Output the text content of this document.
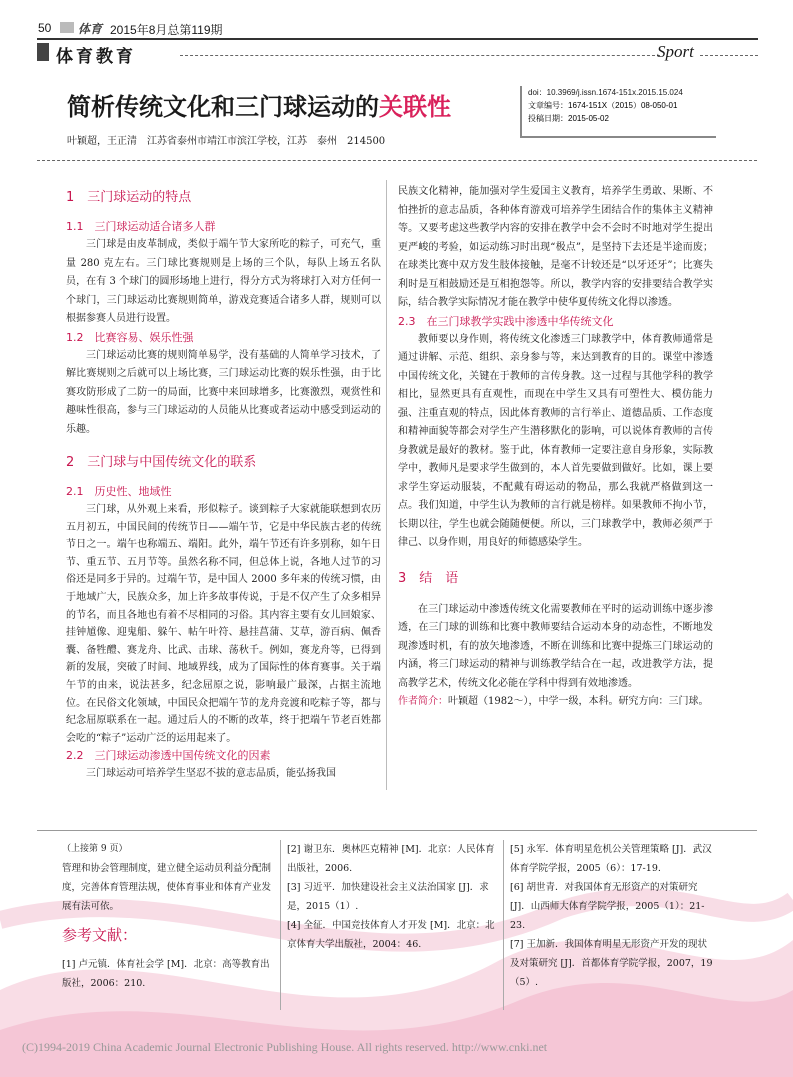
50 体育 2015年8月总第119期
体育教育	Sport
简析传统文化和三门球运动的关联性
叶颖超，王正清　江苏省泰州市靖江市滨江学校，江苏　泰州　214500
doi：10.3969/j.issn.1674-151x.2015.15.024
文章编号：1674-151X（2015）08-050-01
投稿日期：2015-05-02
1　三门球运动的特点
1.1　三门球运动适合诸多人群
三门球是由皮革制成，类似于端午节大家所吃的粽子，可充气，重量 280 克左右。三门球比赛规则是上场的三个队，每队上场五名队员，在有 3 个球门的圆形场地上进行，得分方式为将球打入对方任何一个球门，三门球运动比赛规则简单，游戏竞赛适合诸多人群，规则可以根据参赛人员进行设置。
1.2　比赛容易、娱乐性强
三门球运动比赛的规则简单易学，没有基础的人简单学习技术，了解比赛规则之后就可以上场比赛，三门球运动比赛的娱乐性强，由于比赛攻防形成了二防一的局面，比赛中来回球增多，比赛激烈，观赏性和趣味性很高，参与三门球运动的人员能从比赛或者运动中感受到运动的乐趣。
2　三门球与中国传统文化的联系
2.1　历史性、地域性
三门球，从外观上来看，形似粽子。谈到粽子大家就能联想到农历五月初五，中国民间的传统节日——端午节，它是中华民族古老的传统节日之一。端午也称端五、端阳。此外，端午节还有许多别称，如午日节、重五节、五月节等。虽然名称不同，但总体上说，各地人过节的习俗还是同多于异的。过端午节，是中国人 2000 多年来的传统习惯，由于地域广大，民族众多，加上许多故事传说，于是不仅产生了众多相异的节名，而且各地也有着不尽相同的习俗。其内容主要有女儿回娘家、挂钟馗像、迎鬼船、躲午、帖午叶符、悬挂菖蒲、艾草，游百病、佩香囊、备牲醴、赛龙舟、比武、击球、荡秋千。例如，赛龙舟等，已得到新的发展，突破了时间、地域界线，成为了国际性的体育赛事。关于端午节的由来，说法甚多，纪念屈原之说，影响最广最深，占据主流地位。在民俗文化领域，中国民众把端午节的龙舟竞渡和吃粽子等，都与纪念屈原联系在一起。通过后人的不断的改革，终于把端午节老百姓都会吃的“粽子”运动广泛的运用起来了。
2.2　三门球运动渗透中国传统文化的因素
三门球运动可培养学生坚忍不拔的意志品质，能弘扬我国
民族文化精神，能加强对学生爱国主义教育，培养学生勇敢、果断、不怕挫折的意志品质，各种体育游戏可培养学生团结合作的集体主义精神等。又要考虑这些教学内容的安排在教学中会不会时不时地对学生提出更严峻的考验，如运动练习时出现“极点”，是坚持下去还是半途而废；在球类比赛中双方发生肢体接触，是毫不计较还是“以牙还牙”；比赛失利时是互相鼓励还是互相抱怨等。所以，教学内容的安排要结合教学实际，结合教学实际情况才能在教学中使华夏传统文化得以渗透。
2.3　在三门球教学实践中渗透中华传统文化
教师要以身作则，将传统文化渗透三门球教学中，体育教师通常是通过讲解、示范、组织、亲身参与等，来达到教育的目的。课堂中渗透中国传统文化，关键在于教师的言传身教。这一过程与其他学科的教学相比，显然更具有直观性，而现在中学生又具有可塑性大、模仿能力强、注重直观的特点，因此体育教师的言行举止、道德品质、工作态度和精神面貌等都会对学生产生潜移默化的影响，可以说体育教师的言传身教就是最好的教材。鉴于此，体育教师一定要注意自身形象，实际教学中，教师凡是要求学生做到的，本人首先要做到做好。比如，课上要求学生穿运动服装，不配戴有碍运动的物品，那么我就严格做到这一点。我们知道，中学生认为教师的言行就是榜样。如果教师不拘小节，长期以往，学生也就会随随便便。所以，三门球教学中，教师必须严于律己、以身作则，用良好的师德感染学生。
3　结　语
在三门球运动中渗透传统文化需要教师在平时的运动训练中逐步渗透，在三门球的训练和比赛中教师要结合运动本身的动态性，不断地发现渗透时机，有的放矢地渗透，不断在训练和比赛中提炼三门球运动的内涵，将三门球运动的精神与训练教学结合在一起，改进教学方法，提高教学艺术，传统文化必能在学科中得到有效地渗透。
作者简介：叶颖超（1982～），中学一级，本科。研究方向：三门球。
（上接第 9 页）
管理和协会管理制度，建立健全运动员利益分配制度，完善体育管理法规，使体育事业和体育产业发展有法可依。
参考文献：
[1] 卢元镇．体育社会学 [M]．北京：高等教育出版社，2006：210.
[2] 谢卫东．奥林匹克精神 [M]．北京：人民体育出版社，2006.
[3] 习近平．加快建设社会主义法治国家 [J]．求是，2015（1）.
[4] 全征．中国竞技体育人才开发 [M]．北京：北京体育大学出版社，2004：46.
[5] 永军．体育明星危机公关管理策略 [J]．武汉体育学院学报，2005（6）：17-19.
[6] 胡世青．对我国体育无形资产的对策研究 [J]．山西师大体育学院学报，2005（1）：21-23.
[7] 王加新．我国体育明星无形资产开发的现状及对策研究 [J]．首都体育学院学报，2007，19（5）.
(C)1994-2019 China Academic Journal Electronic Publishing House. All rights reserved. http://www.cnki.net
